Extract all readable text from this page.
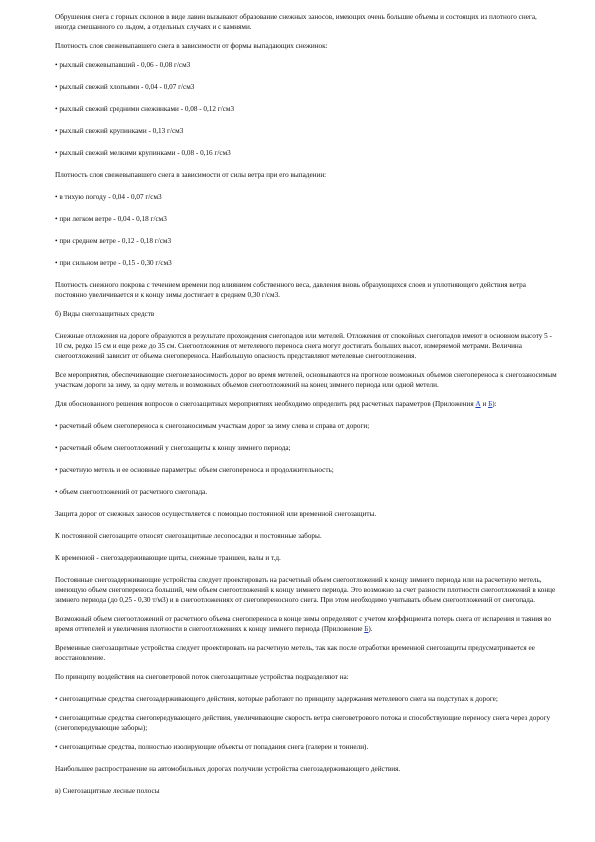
Обрушения снега с горных склонов в виде лавин вызывают образование снежных заносов, имеющих очень большие объемы и состоящих из плотного снега, иногда смешанного со льдом, а отдельных случаях и с камнями.

Плотность слоя свежевыпавшего снега в зависимости от формы выпадающих снежинок:

• рыхлый свежевыпавший - 0,06 - 0,08 г/см3

• рыхлый свежий хлопьями - 0,04 - 0,07 г/см3

• рыхлый свежий средними снежинками - 0,08 - 0,12 г/см3

• рыхлый свежий крупинками - 0,13 г/см3

• рыхлый свежий мелкими крупинками - 0,08 - 0,16 г/см3

Плотность слоя свежевыпавшего снега в зависимости от силы ветра при его выпадении:

• в тихую погоду - 0,04 - 0,07 г/см3

• при легком ветре - 0,04 - 0,18 г/см3

• при среднем ветре - 0,12 - 0,18 г/см3

• при сильном ветре - 0,15 - 0,30 г/см3

Плотность снежного покрова с течением времени под влиянием собственного веса, давления вновь образующихся слоев и уплотняющего действия ветра постоянно увеличивается и к концу зимы достигает в среднем 0,30 г/см3.

б) Виды снегозащитных средств

Снежные отложения на дороге образуются в результате прохождения снегопадов или метелей. Отложения от спокойных снегопадов имеют в основном высоту 5 - 10 см, редко 15 см и еще реже до 35 см. Снегоотложения от метелевого переноса снега могут достигать больших высот, измеряемой метрами. Величина снегоотложений зависит от объема снегопереноса. Наибольшую опасность представляют метелевые снегоотложения.

Все мероприятия, обеспечивающие снегонезаносимость дорог во время метелей, основываются на прогнозе возможных объемов снегопереноса к снегозаносимым участкам дороги за зиму, за одну метель и возможных объемов снегоотложений на конец зимнего периода или одной метели.

Для обоснованного решения вопросов о снегозащитных мероприятиях необходимо определить ряд расчетных параметров (Приложения А и Б):

• расчетный объем снегопереноса к снегозаносимым участкам дорог за зиму слева и справа от дороги;

• расчетный объем снегоотложений у снегозащиты к концу зимнего периода;

• расчетную метель и ее основные параметры: объем снегопереноса и продолжительность;

• объем снегоотложений от расчетного снегопада.

Защита дорог от снежных заносов осуществляется с помощью постоянной или временной снегозащиты.

К постоянной снегозащите относят снегозащитные лесопосадки и постоянные заборы.

К временной - снегозадерживающие щиты, снежные траншеи, валы и т.д.

Постоянные снегозадерживающие устройства следует проектировать на расчетный объем снегоотложений к концу зимнего периода или на расчетную метель, имеющую объем снегопереноса больший, чем объем снегоотложений к концу зимнего периода. Это возможно за счет разности плотности снегоотложений в конце зимнего периода (до 0,25 - 0,30 т/м3) и в снегоотложениях от снегопереносного снега. При этом необходимо учитывать объем снегоотложений от снегопада.

Возможный объем снегоотложений от расчетного объема снегопереноса в конце зимы определяют с учетом коэффициента потерь снега от испарения и таяния во время оттепелей и увеличения плотности в снегоотложениях к концу зимнего периода (Приложение Б).

Временные снегозащитные устройства следует проектировать на расчетную метель, так как после отработки временной снегозащиты предусматривается ее восстановление.

По принципу воздействия на снеговетровой поток снегозащитные устройства подразделяют на:

• снегозащитные средства снегозадерживающего действия, которые работают по принципу задержания метелевого снега на подступах к дороге;

• снегозащитные средства снегопередувающего действия, увеличивающие скорость ветра снеговетрового потока и способствующие переносу снега через дорогу (снегопередувающие заборы);

• снегозащитные средства, полностью изолирующие объекты от попадания снега (галереи и тоннели).

Наибольшее распространение на автомобильных дорогах получили устройства снегозадерживающего действия.

в) Снегозащитные лесные полосы
